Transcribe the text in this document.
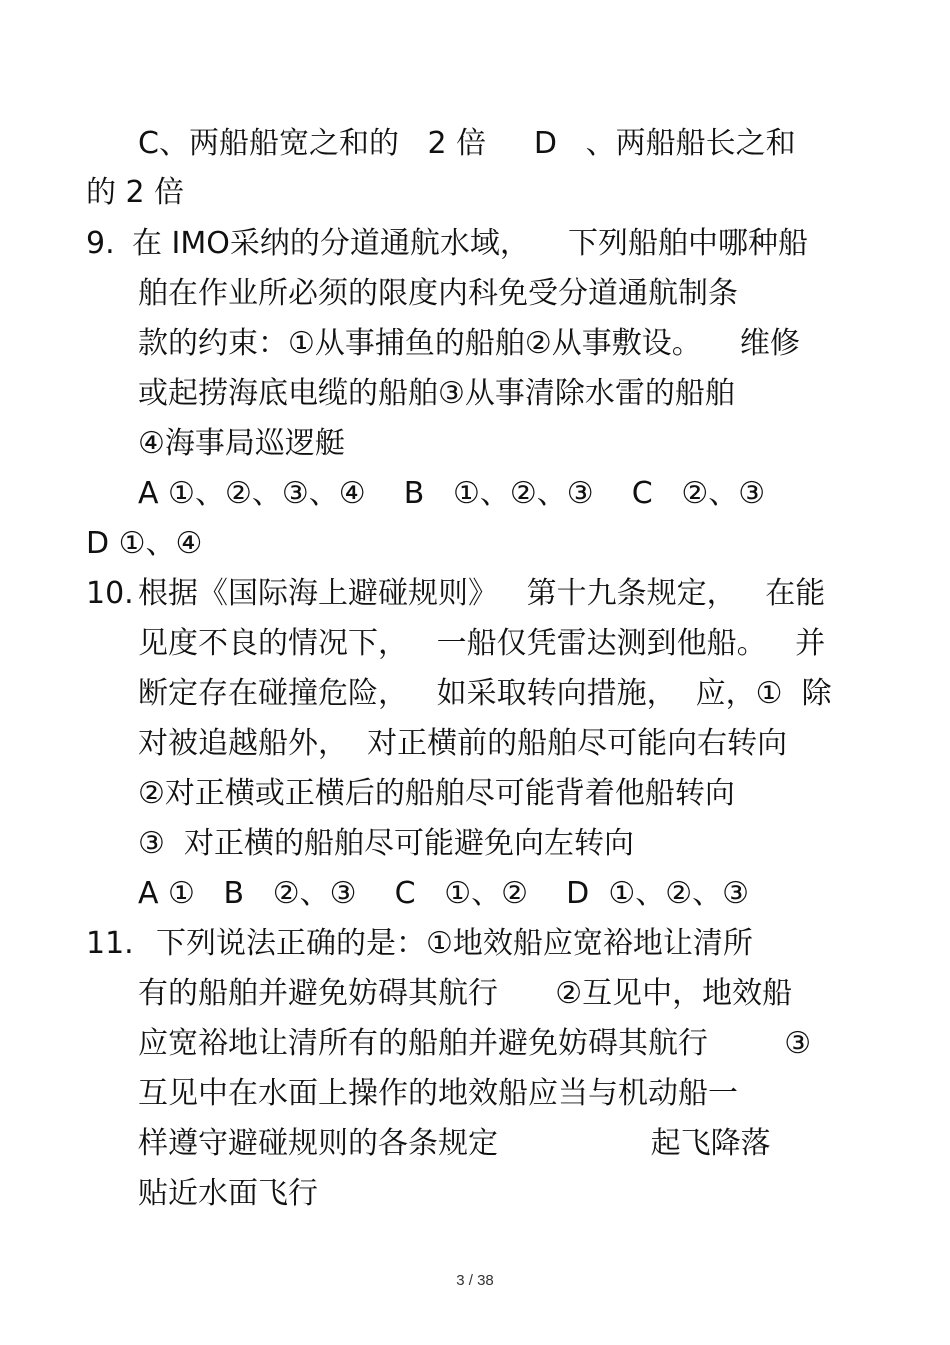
C、两船船宽之和的   2 倍     D   、两船船长之和
的 2 倍
9. 在 IMO采纳的分道通航水域，    下列船舶中哪种船
舶在作业所必须的限度内科免受分道通航制条
款的约束：①从事捕鱼的船舶②从事敷设。    维修
或起捞海底电缆的船舶③从事清除水雷的船舶
④海事局巡逻艇
A ①、②、③、④    B   ①、②、③    C   ②、③
D ①、④
10. 根据《国际海上避碰规则》   第十九条规定，   在能
见度不良的情况下，   一船仅凭雷达测到他船。   并
断定存在碰撞危险，   如采取转向措施，  应，①  除
对被追越船外，  对正横前的船舶尽可能向右转向
②对正横或正横后的船舶尽可能背着他船转向
③  对正横的船舶尽可能避免向左转向
A ①   B   ②、③    C   ①、②    D  ①、②、③
11. 下列说法正确的是：①地效船应宽裕地让清所
有的船舶并避免妨碍其航行      ②互见中，地效船
应宽裕地让清所有的船舶并避免妨碍其航行        ③
互见中在水面上操作的地效船应当与机动船一
样遵守避碰规则的各条规定                起飞降落
贴近水面飞行
3 / 38
